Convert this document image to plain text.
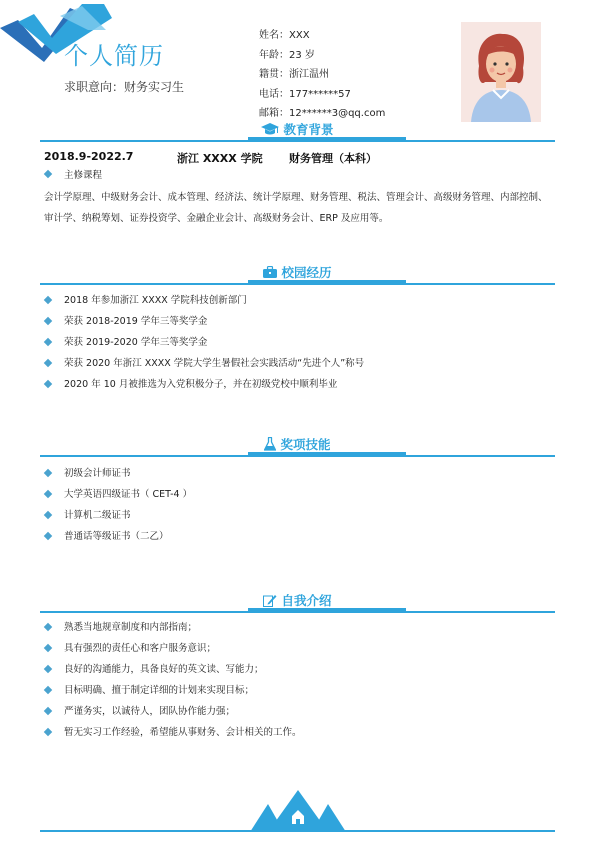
个人简历
求职意向：财务实习生
姓名：XXX
年龄：23 岁
籍贯：浙江温州
电话：177******57
邮箱：12******3@qq.com
教育背景
2018.9-2022.7	浙江 XXXX 学院 财务管理（本科）
主修课程
会计学原理、中级财务会计、成本管理、经济法、统计学原理、财务管理、税法、管理会计、高级财务管理、内部控制、审计学、纳税筹划、证券投资学、金融企业会计、高级财务会计、ERP 及应用等。
校园经历
2018 年参加浙江 XXXX 学院科技创新部门
荣获 2018-2019 学年三等奖学金
荣获 2019-2020 学年三等奖学金
荣获 2020 年浙江 XXXX 学院大学生暑假社会实践活动“先进个人”称号
2020 年 10 月被推选为入党积极分子，并在初级党校中顺利毕业
奖项技能
初级会计师证书
大学英语四级证书（ CET-4 ）
计算机二级证书
普通话等级证书（二乙）
自我介绍
熟悉当地规章制度和内部指南；
具有强烈的责任心和客户服务意识；
良好的沟通能力，具备良好的英文读、写能力；
目标明确、擅于制定详细的计划来实现目标；
严谨务实，以诚待人，团队协作能力强；
暂无实习工作经验，希望能从事财务、会计相关的工作。
